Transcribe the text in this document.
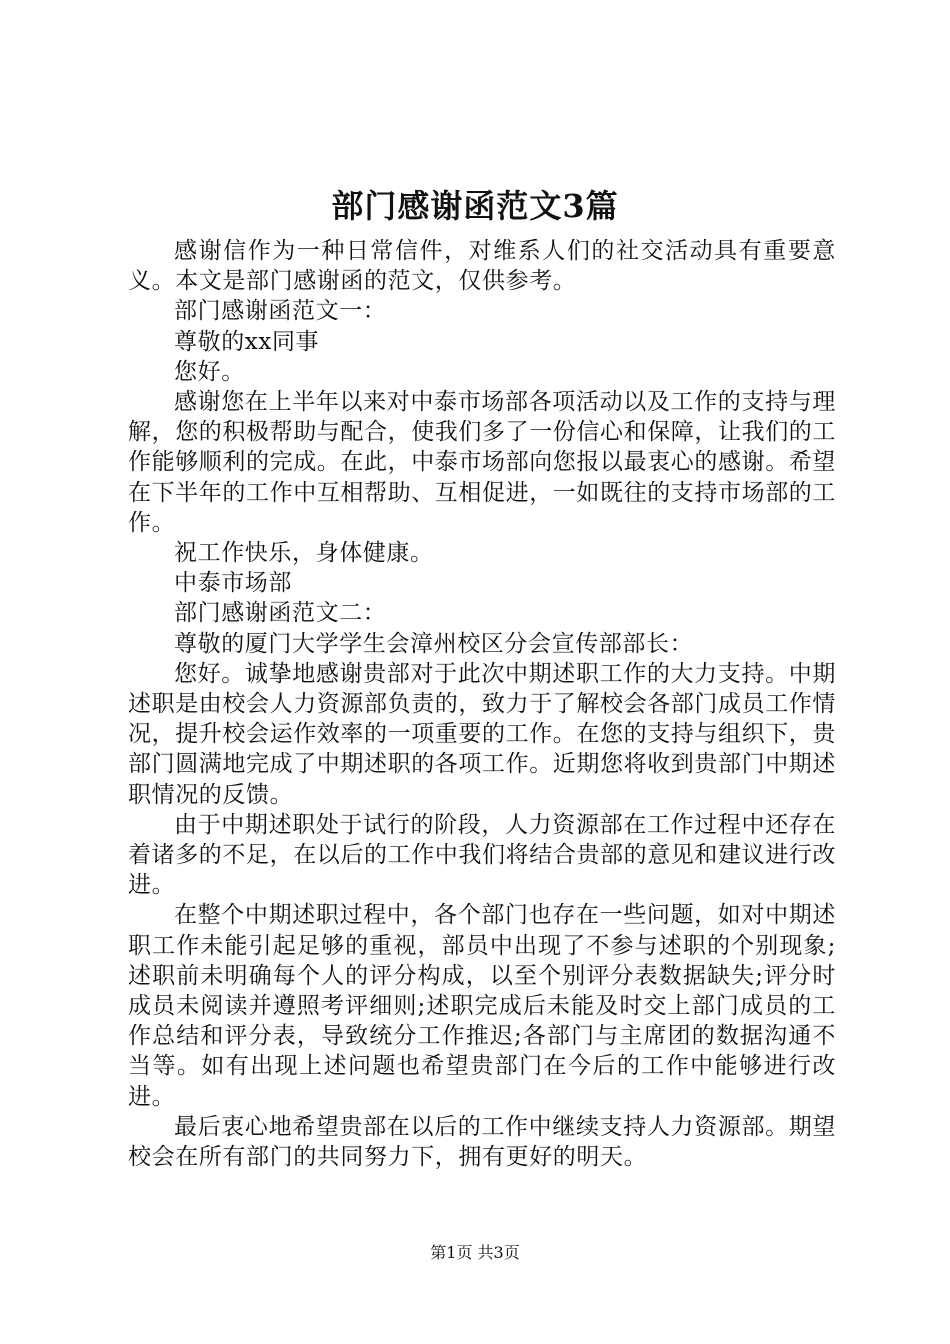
部门感谢函范文3篇

感谢信作为一种日常信件，对维系人们的社交活动具有重要意义。本文是部门感谢函的范文，仅供参考。

部门感谢函范文一：

尊敬的xx同事

您好。

感谢您在上半年以来对中泰市场部各项活动以及工作的支持与理解，您的积极帮助与配合，使我们多了一份信心和保障，让我们的工作能够顺利的完成。在此，中泰市场部向您报以最衷心的感谢。希望在下半年的工作中互相帮助、互相促进，一如既往的支持市场部的工作。

祝工作快乐，身体健康。

中泰市场部

部门感谢函范文二：

尊敬的厦门大学学生会漳州校区分会宣传部部长：

您好。诚挚地感谢贵部对于此次中期述职工作的大力支持。中期述职是由校会人力资源部负责的，致力于了解校会各部门成员工作情况，提升校会运作效率的一项重要的工作。在您的支持与组织下，贵部门圆满地完成了中期述职的各项工作。近期您将收到贵部门中期述职情况的反馈。

由于中期述职处于试行的阶段，人力资源部在工作过程中还存在着诸多的不足，在以后的工作中我们将结合贵部的意见和建议进行改进。

在整个中期述职过程中，各个部门也存在一些问题，如对中期述职工作未能引起足够的重视，部员中出现了不参与述职的个别现象;述职前未明确每个人的评分构成，以至个别评分表数据缺失;评分时成员未阅读并遵照考评细则;述职完成后未能及时交上部门成员的工作总结和评分表，导致统分工作推迟;各部门与主席团的数据沟通不当等。如有出现上述问题也希望贵部门在今后的工作中能够进行改进。

最后衷心地希望贵部在以后的工作中继续支持人力资源部。期望校会在所有部门的共同努力下，拥有更好的明天。

第1页 共3页
